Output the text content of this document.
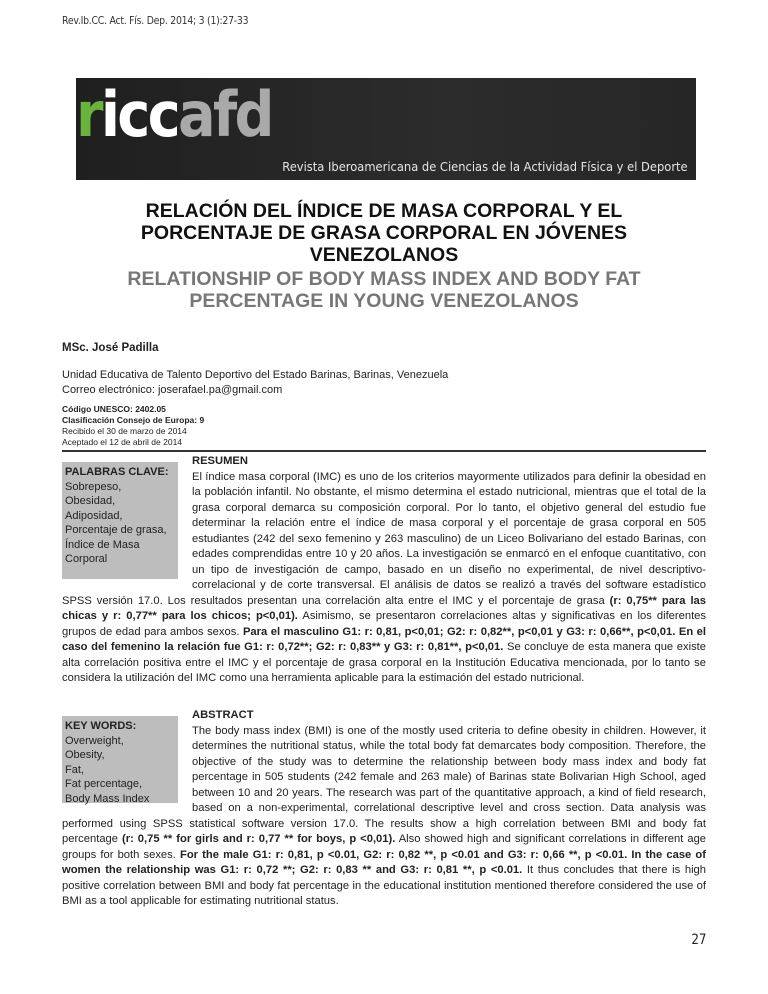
Rev.Ib.CC. Act. Fís. Dep. 2014; 3 (1):27-33
riccafd
Revista Iberoamericana de Ciencias de la Actividad Física y el Deporte
RELACIÓN DEL ÍNDICE DE MASA CORPORAL Y EL PORCENTAJE DE GRASA CORPORAL EN JÓVENES VENEZOLANOS
RELATIONSHIP OF BODY MASS INDEX AND BODY FAT PERCENTAGE IN YOUNG VENEZOLANOS
MSc. José Padilla
Unidad Educativa de Talento Deportivo del Estado Barinas, Barinas, Venezuela
Correo electrónico: joserafael.pa@gmail.com
Código UNESCO: 2402.05
Clasificación Consejo de Europa: 9
Recibido el 30 de marzo de 2014
Aceptado el 12 de abril de 2014
PALABRAS CLAVE:
Sobrepeso,
Obesidad,
Adiposidad,
Porcentaje de grasa,
Índice de Masa Corporal
RESUMEN
El índice masa corporal (IMC) es uno de los criterios mayormente utilizados para definir la obesidad en la población infantil. No obstante, el mismo determina el estado nutricional, mientras que el total de la grasa corporal demarca su composición corporal. Por lo tanto, el objetivo general del estudio fue determinar la relación entre el índice de masa corporal y el porcentaje de grasa corporal en 505 estudiantes (242 del sexo femenino y 263 masculino) de un Liceo Bolivariano del estado Barinas, con edades comprendidas entre 10 y 20 años. La investigación se enmarcó en el enfoque cuantitativo, con un tipo de investigación de campo, basado en un diseño no experimental, de nivel descriptivo-correlacional y de corte transversal. El análisis de datos se realizó a través del software estadístico SPSS versión 17.0. Los resultados presentan una correlación alta entre el IMC y el porcentaje de grasa (r: 0,75** para las chicas y r: 0,77** para los chicos; p<0,01). Asimismo, se presentaron correlaciones altas y significativas en los diferentes grupos de edad para ambos sexos. Para el masculino G1: r: 0,81, p<0,01; G2: r: 0,82**, p<0,01 y G3: r: 0,66**, p<0,01. En el caso del femenino la relación fue G1: r: 0,72**; G2: r: 0,83** y G3: r: 0,81**, p<0,01. Se concluye de esta manera que existe alta correlación positiva entre el IMC y el porcentaje de grasa corporal en la Institución Educativa mencionada, por lo tanto se considera la utilización del IMC como una herramienta aplicable para la estimación del estado nutricional.
KEY WORDS:
Overweight,
Obesity,
Fat,
Fat percentage,
Body Mass Index
ABSTRACT
The body mass index (BMI) is one of the mostly used criteria to define obesity in children. However, it determines the nutritional status, while the total body fat demarcates body composition. Therefore, the objective of the study was to determine the relationship between body mass index and body fat percentage in 505 students (242 female and 263 male) of Barinas state Bolivarian High School, aged between 10 and 20 years. The research was part of the quantitative approach, a kind of field research, based on a non-experimental, correlational descriptive level and cross section. Data analysis was performed using SPSS statistical software version 17.0. The results show a high correlation between BMI and body fat percentage (r: 0,75 ** for girls and r: 0,77 ** for boys, p <0,01). Also showed high and significant correlations in different age groups for both sexes. For the male G1: r: 0,81, p <0.01, G2: r: 0,82 **, p <0.01 and G3: r: 0,66 **, p <0.01. In the case of women the relationship was G1: r: 0,72 **; G2: r: 0,83 ** and G3: r: 0,81 **, p <0.01. It thus concludes that there is high positive correlation between BMI and body fat percentage in the educational institution mentioned therefore considered the use of BMI as a tool applicable for estimating nutritional status.
27
